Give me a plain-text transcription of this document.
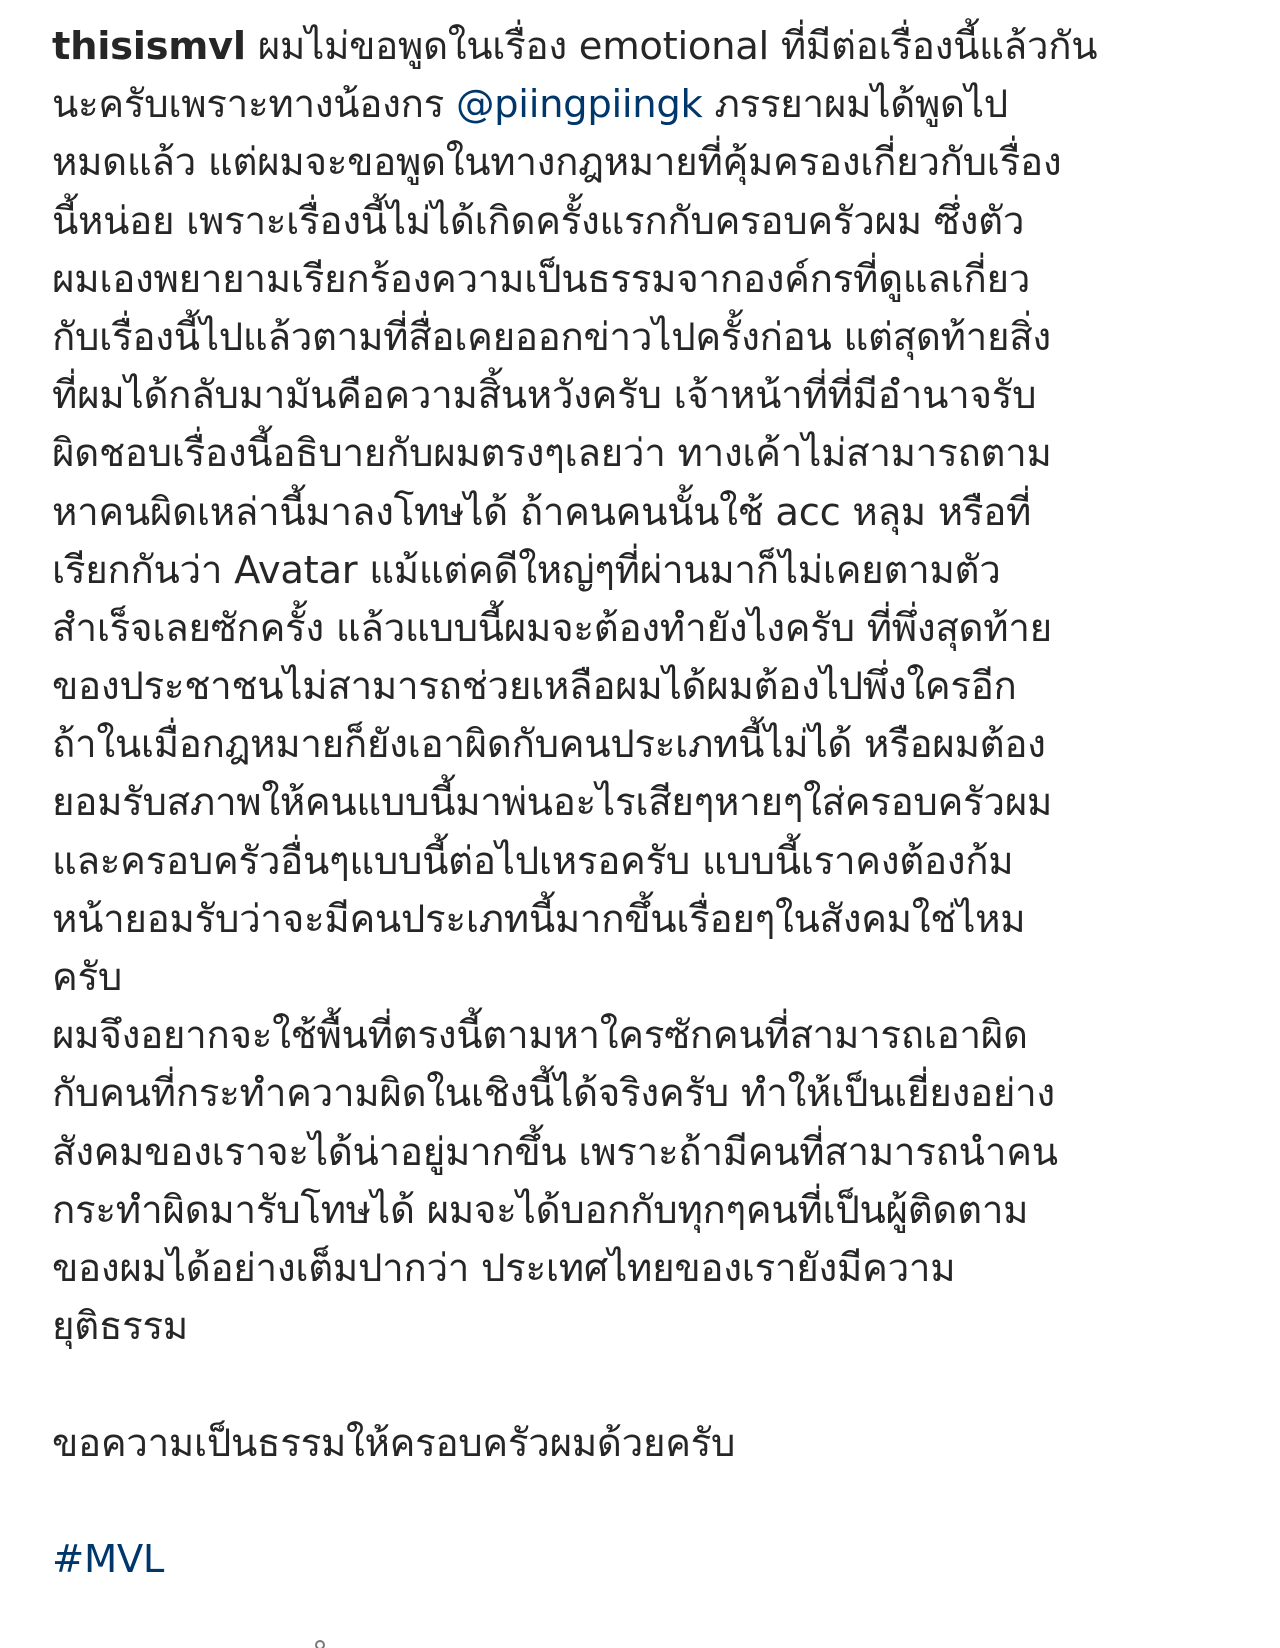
thisismvl ผมไม่ขอพูดในเรื่อง emotional ที่มีต่อเรื่องนี้แล้วกัน
นะครับเพราะทางน้องกร @piingpiingk ภรรยาผมได้พูดไป
หมดแล้ว แต่ผมจะขอพูดในทางกฎหมายที่คุ้มครองเกี่ยวกับเรื่อง
นี้หน่อย เพราะเรื่องนี้ไม่ได้เกิดครั้งแรกกับครอบครัวผม ซึ่งตัว
ผมเองพยายามเรียกร้องความเป็นธรรมจากองค์กรที่ดูแลเกี่ยว
กับเรื่องนี้ไปแล้วตามที่สื่อเคยออกข่าวไปครั้งก่อน แต่สุดท้ายสิ่ง
ที่ผมได้กลับมามันคือความสิ้นหวังครับ เจ้าหน้าที่ที่มีอำนาจรับ
ผิดชอบเรื่องนี้อธิบายกับผมตรงๆเลยว่า ทางเค้าไม่สามารถตาม
หาคนผิดเหล่านี้มาลงโทษได้ ถ้าคนคนนั้นใช้ acc หลุม หรือที่
เรียกกันว่า Avatar แม้แต่คดีใหญ่ๆที่ผ่านมาก็ไม่เคยตามตัว
สำเร็จเลยซักครั้ง แล้วแบบนี้ผมจะต้องทำยังไงครับ ที่พึ่งสุดท้าย
ของประชาชนไม่สามารถช่วยเหลือผมได้ผมต้องไปพึ่งใครอีก
ถ้าในเมื่อกฎหมายก็ยังเอาผิดกับคนประเภทนี้ไม่ได้ หรือผมต้อง
ยอมรับสภาพให้คนแบบนี้มาพ่นอะไรเสียๆหายๆใส่ครอบครัวผม
และครอบครัวอื่นๆแบบนี้ต่อไปเหรอครับ แบบนี้เราคงต้องก้ม
หน้ายอมรับว่าจะมีคนประเภทนี้มากขึ้นเรื่อยๆในสังคมใช่ไหม
ครับ
ผมจึงอยากจะใช้พื้นที่ตรงนี้ตามหาใครซักคนที่สามารถเอาผิด
กับคนที่กระทำความผิดในเชิงนี้ได้จริงครับ ทำให้เป็นเยี่ยงอย่าง
สังคมของเราจะได้น่าอยู่มากขึ้น เพราะถ้ามีคนที่สามารถนำคน
กระทำผิดมารับโทษได้ ผมจะได้บอกกับทุกๆคนที่เป็นผู้ติดตาม
ของผมได้อย่างเต็มปากว่า ประเทศไทยของเรายังมีความ
ยุติธรรม
ขอความเป็นธรรมให้ครอบครัวผมด้วยครับ
#MVL
